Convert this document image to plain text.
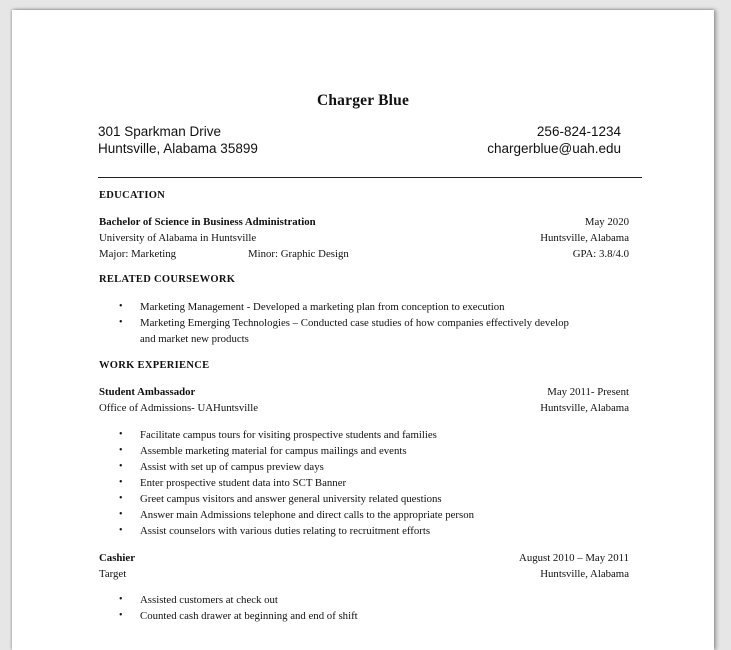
Charger Blue
301 Sparkman Drive
Huntsville, Alabama 35899
256-824-1234
chargerblue@uah.edu
EDUCATION
Bachelor of Science in Business Administration	May 2020
University of Alabama in Huntsville	Huntsville, Alabama
Major: Marketing	Minor: Graphic Design	GPA: 3.8/4.0
RELATED COURSEWORK
• Marketing Management - Developed a marketing plan from conception to execution
• Marketing Emerging Technologies – Conducted case studies of how companies effectively develop
and market new products
WORK EXPERIENCE
Student Ambassador	May 2011- Present
Office of Admissions- UAHuntsville	Huntsville, Alabama
• Facilitate campus tours for visiting prospective students and families
• Assemble marketing material for campus mailings and events
• Assist with set up of campus preview days
• Enter prospective student data into SCT Banner
• Greet campus visitors and answer general university related questions
• Answer main Admissions telephone and direct calls to the appropriate person
• Assist counselors with various duties relating to recruitment efforts
Cashier	August 2010 – May 2011
Target	Huntsville, Alabama
• Assisted customers at check out
• Counted cash drawer at beginning and end of shift
